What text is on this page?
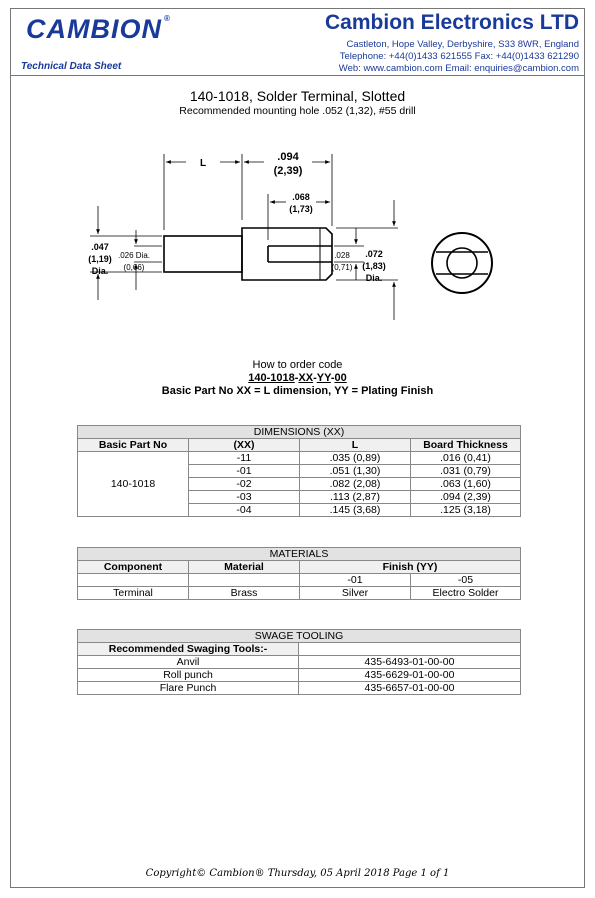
CAMBION ®
Technical Data Sheet
Cambion Electronics LTD
Castleton, Hope Valley, Derbyshire, S33 8WR, England
Telephone: +44(0)1433 621555 Fax: +44(0)1433 621290
Web: www.cambion.com Email: enquiries@cambion.com
140-1018, Solder Terminal, Slotted
Recommended mounting hole .052 (1,32), #55 drill
L
.094
(2,39)
.068
(1,73)
.047
(1,19)
Dia.
.072
(1,83)
Dia.
.026 Dia.
(0,66)
.028
(0,71)
How to order code
140-1018-XX-YY-00
Basic Part No XX = L dimension, YY = Plating Finish
DIMENSIONS (XX)			
Basic Part No	(XX)	L	Board Thickness
140-1018	-11	.035 (0,89)	.016 (0,41)
	-01	.051 (1,30)	.031 (0,79)
	-02	.082 (2,08)	.063 (1,60)
	-03	.113 (2,87)	.094 (2,39)
	-04	.145 (3,68)	.125 (3,18)
MATERIALS			
Component	Material	Finish (YY)	
		-01	-05
Terminal	Brass	Silver	Electro Solder
SWAGE TOOLING	
Recommended Swaging Tools:-	
Anvil	435-6493-01-00-00
Roll punch	435-6629-01-00-00
Flare Punch	435-6657-01-00-00
Copyright© Cambion® Thursday, 05 April 2018 Page 1 of 1
